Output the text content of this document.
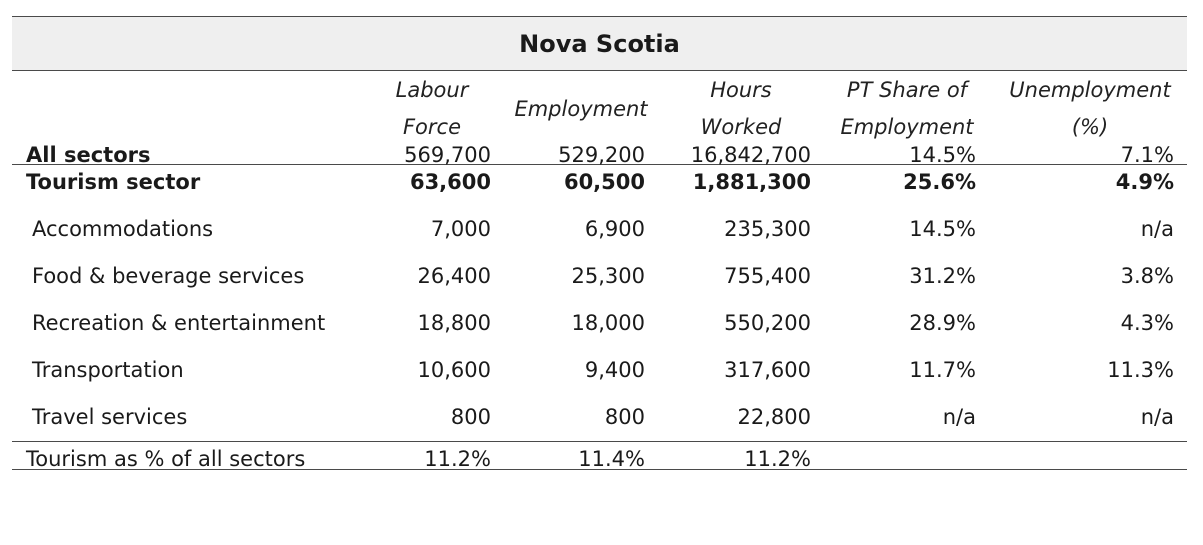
Nova Scotia
Labour
Force
Employment
Hours
Worked
PT Share of
Employment
Unemployment
(%)
All sectors	569,700	529,200 16,842,700	14.5%	7.1%
Tourism sector	63,600	60,500 1,881,300	25.6%	4.9%
Accommodations	7,000	6,900	235,300	14.5%	n/a
Food & beverage services	26,400	25,300	755,400	31.2%	3.8%
Recreation & entertainment	18,800	18,000	550,200	28.9%	4.3%
Transportation	10,600	9,400	317,600	11.7%	11.3%
Travel services	800	800	22,800	n/a	n/a
Tourism as % of all sectors	11.2%	11.4%	11.2%
